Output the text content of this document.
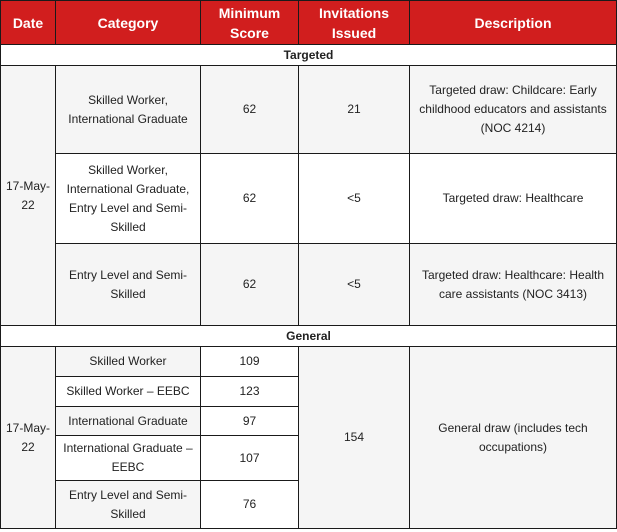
Date	Category	Minimum Score	Invitations Issued	Description
Targeted				
17-May-22	Skilled Worker, International Graduate	62	21	Targeted draw: Childcare: Early childhood educators and assistants (NOC 4214)
	Skilled Worker, International Graduate, Entry Level and Semi-Skilled	62	<5	Targeted draw: Healthcare
	Entry Level and Semi-Skilled	62	<5	Targeted draw: Healthcare: Health care assistants (NOC 3413)
General				
17-May-22	Skilled Worker	109	154	General draw (includes tech occupations)
	Skilled Worker – EEBC	123		
	International Graduate	97		
	International Graduate – EEBC	107		
	Entry Level and Semi-Skilled	76		
